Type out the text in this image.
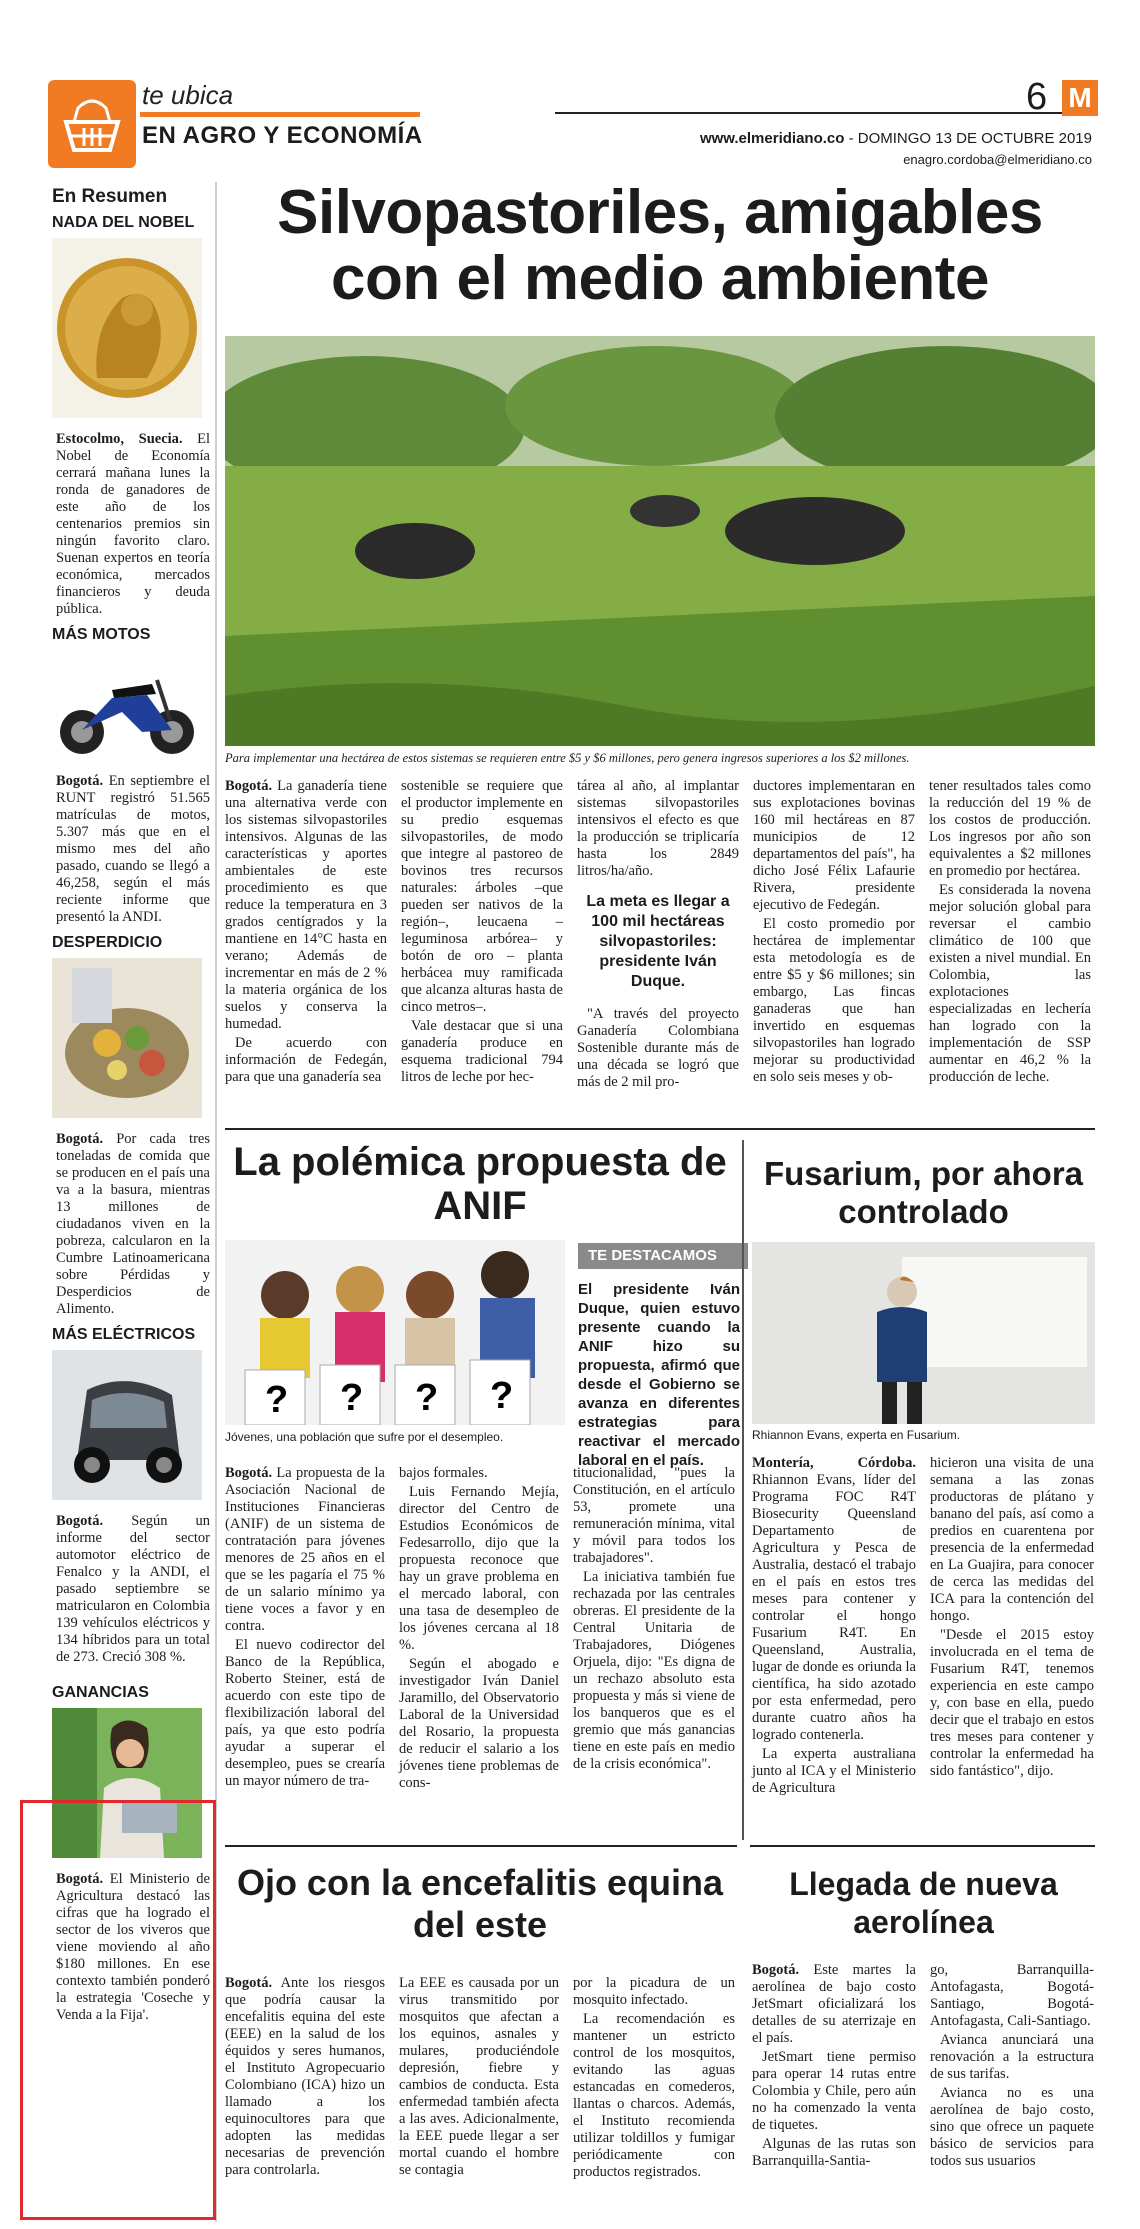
te ubica
EN AGRO Y ECONOMÍA
6 M
www.elmeridiano.co - DOMINGO 13 DE OCTUBRE 2019
enagro.cordoba@elmeridiano.co
En Resumen
NADA DEL NOBEL
Estocolmo, Suecia. El Nobel de Economía cerrará mañana lunes la ronda de ganadores de este año de los centenarios premios sin ningún favorito claro. Suenan expertos en teoría económica, mercados financieros y deuda pública.
MÁS MOTOS
Bogotá. En septiembre el RUNT registró 51.565 matrículas de motos, 5.307 más que en el mismo mes del año pasado, cuando se llegó a 46,258, según el más reciente informe que presentó la ANDI.
DESPERDICIO
Bogotá. Por cada tres toneladas de comida que se producen en el país una va a la basura, mientras 13 millones de ciudadanos viven en la pobreza, calcularon en la Cumbre Latinoamericana sobre Pérdidas y Desperdicios de Alimento.
MÁS ELÉCTRICOS
Bogotá. Según un informe del sector automotor eléctrico de Fenalco y la ANDI, el pasado septiembre se matricularon en Colombia 139 vehículos eléctricos y 134 híbridos para un total de 273. Creció 308 %.
GANANCIAS
Bogotá. El Ministerio de Agricultura destacó las cifras que ha logrado el sector de los viveros que viene moviendo al año $180 millones. En ese contexto también ponderó la estrategia 'Coseche y Venda a la Fija'.
Silvopastoriles, amigables con el medio ambiente
Para implementar una hectárea de estos sistemas se requieren entre $5 y $6 millones, pero genera ingresos superiores a los $2 millones.

Bogotá. La ganadería tiene una alternativa verde con los sistemas silvopastoriles intensivos. Algunas de las características y aportes ambientales de este procedimiento es que reduce la temperatura en 3 grados centígrados y la mantiene en 14°C hasta en verano; Además de incrementar en más de 2 % la materia orgánica de los suelos y conserva la humedad.

De acuerdo con información de Fedegán, para que una ganadería sea

sostenible se requiere que el productor implemente en su predio esquemas silvopastoriles, de modo que integre al pastoreo de bovinos tres recursos naturales: árboles –que pueden ser nativos de la región–, leucaena –leguminosa arbórea– y botón de oro – planta herbácea muy ramificada que alcanza alturas hasta de cinco metros–.

Vale destacar que si una ganadería produce en esquema tradicional 794 litros de leche por hec-

tárea al año, al implantar sistemas silvopastoriles intensivos el efecto es que la producción se triplicaría hasta los 2849 litros/ha/año.

La meta es llegar a 100 mil hectáreas silvopastoriles: presidente Iván Duque.

"A través del proyecto Ganadería Colombiana Sostenible durante más de una década se logró que más de 2 mil pro-

ductores implementaran en sus explotaciones bovinas 160 mil hectáreas en 87 municipios de 12 departamentos del país", ha dicho José Félix Lafaurie Rivera, presidente ejecutivo de Fedegán.

El costo promedio por hectárea de implementar esta metodología es de entre $5 y $6 millones; sin embargo, Las fincas ganaderas que han invertido en esquemas silvopastoriles han logrado mejorar su productividad en solo seis meses y ob-

tener resultados tales como la reducción del 19 % de los costos de producción. Los ingresos por año son equivalentes a $2 millones en promedio por hectárea.

Es considerada la novena mejor solución global para reversar el cambio climático de 100 que existen a nivel mundial. En Colombia, las explotaciones especializadas en lechería han logrado con la implementación de SSP aumentar en 46,2 % la producción de leche.

La polémica propuesta de ANIF
? ? ? ?
Jóvenes, una población que sufre por el desempleo.
TE DESTACAMOS
El presidente Iván Duque, quien estuvo presente cuando la ANIF hizo su propuesta, afirmó que desde el Gobierno se avanza en diferentes estrategias para reactivar el mercado laboral en el país.

Bogotá. La propuesta de la Asociación Nacional de Instituciones Financieras (ANIF) de un sistema de contratación para jóvenes menores de 25 años en el que se les pagaría el 75 % de un salario mínimo ya tiene voces a favor y en contra.

El nuevo codirector del Banco de la República, Roberto Steiner, está de acuerdo con este tipo de flexibilización laboral del país, ya que esto podría ayudar a superar el desempleo, pues se crearía un mayor número de tra-

bajos formales.

Luis Fernando Mejía, director del Centro de Estudios Económicos de Fedesarrollo, dijo que la propuesta reconoce que hay un grave problema en el mercado laboral, con una tasa de desempleo de los jóvenes cercana al 18 %.

Según el abogado e investigador Iván Daniel Jaramillo, del Observatorio Laboral de la Universidad del Rosario, la propuesta de reducir el salario a los jóvenes tiene problemas de cons-

titucionalidad, "pues la Constitución, en el artículo 53, promete una remuneración mínima, vital y móvil para todos los trabajadores".

La iniciativa también fue rechazada por las centrales obreras. El presidente de la Central Unitaria de Trabajadores, Diógenes Orjuela, dijo: "Es digna de un rechazo absoluto esta propuesta y más si viene de los banqueros que es el gremio que más ganancias tiene en este país en medio de la crisis económica".

Fusarium, por ahora controlado
Rhiannon Evans, experta en Fusarium.

Montería, Córdoba. Rhiannon Evans, líder del Programa FOC R4T Biosecurity Queensland Departamento de Agricultura y Pesca de Australia, destacó el trabajo en el país en estos tres meses para contener y controlar el hongo Fusarium R4T. En Queensland, Australia, lugar de donde es oriunda la científica, ha sido azotado por esta enfermedad, pero durante cuatro años ha logrado contenerla.

La experta australiana junto al ICA y el Ministerio de Agricultura

hicieron una visita de una semana a las zonas productoras de plátano y banano del país, así como a predios en cuarentena por presencia de la enfermedad en La Guajira, para conocer de cerca las medidas del ICA para la contención del hongo.

"Desde el 2015 estoy involucrada en el tema de Fusarium R4T, tenemos experiencia en este campo y, con base en ella, puedo decir que el trabajo en estos tres meses para contener y controlar la enfermedad ha sido fantástico", dijo.

Ojo con la encefalitis equina del este

Bogotá. Ante los riesgos que podría causar la encefalitis equina del este (EEE) en la salud de los équidos y seres humanos, el Instituto Agropecuario Colombiano (ICA) hizo un llamado a los equinocultores para que adopten las medidas necesarias de prevención para controlarla.

La EEE es causada por un virus transmitido por mosquitos que afectan a los equinos, asnales y mulares, produciéndole depresión, fiebre y cambios de conducta. Esta enfermedad también afecta a las aves. Adicionalmente, la EEE puede llegar a ser mortal cuando el hombre se contagia

por la picadura de un mosquito infectado.

La recomendación es mantener un estricto control de los mosquitos, evitando las aguas estancadas en comederos, llantas o charcos. Además, el Instituto recomienda utilizar toldillos y fumigar periódicamente con productos registrados.

Llegada de nueva aerolínea

Bogotá. Este martes la aerolínea de bajo costo JetSmart oficializará los detalles de su aterrizaje en el país.

JetSmart tiene permiso para operar 14 rutas entre Colombia y Chile, pero aún no ha comenzado la venta de tiquetes.

Algunas de las rutas son Barranquilla-Santia-

go, Barranquilla-Antofagasta, Bogotá-Santiago, Bogotá-Antofagasta, Cali-Santiago.

Avianca anunciará una renovación a la estructura de sus tarifas.

Avianca no es una aerolínea de bajo costo, sino que ofrece un paquete básico de servicios para todos sus usuarios
